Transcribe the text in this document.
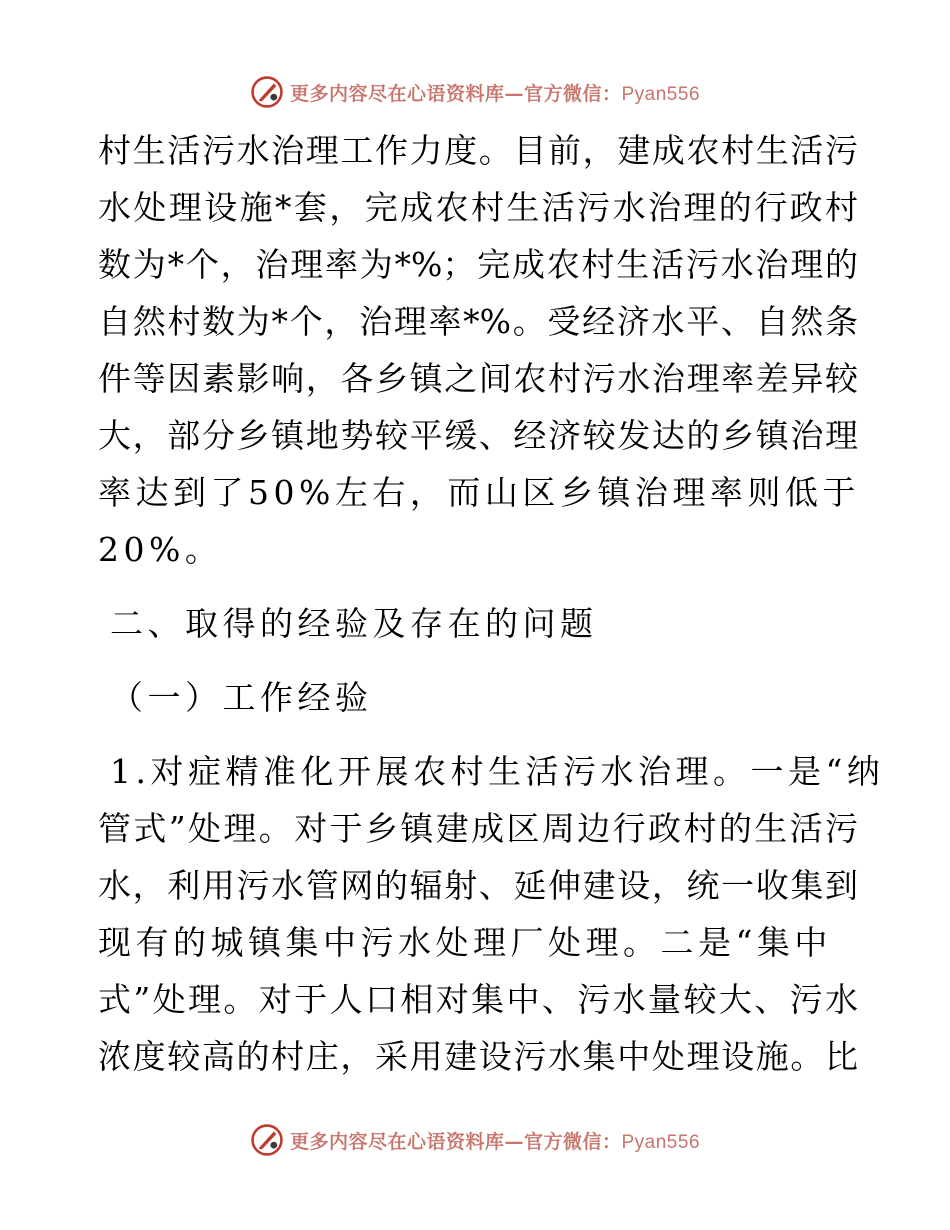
更多内容尽在心语资料库—官方微信：Pyan556
村生活污水治理工作力度。目前，建成农村生活污
水处理设施*套，完成农村生活污水治理的行政村
数为*个，治理率为*%；完成农村生活污水治理的
自然村数为*个，治理率*%。受经济水平、自然条
件等因素影响，各乡镇之间农村污水治理率差异较
大，部分乡镇地势较平缓、经济较发达的乡镇治理
率达到了50%左右，而山区乡镇治理率则低于
20%。
二、取得的经验及存在的问题
（一）工作经验
1.对症精准化开展农村生活污水治理。一是“纳
管式”处理。对于乡镇建成区周边行政村的生活污
水，利用污水管网的辐射、延伸建设，统一收集到
现有的城镇集中污水处理厂处理。二是“集中
式”处理。对于人口相对集中、污水量较大、污水
浓度较高的村庄，采用建设污水集中处理设施。比
更多内容尽在心语资料库—官方微信：Pyan556
